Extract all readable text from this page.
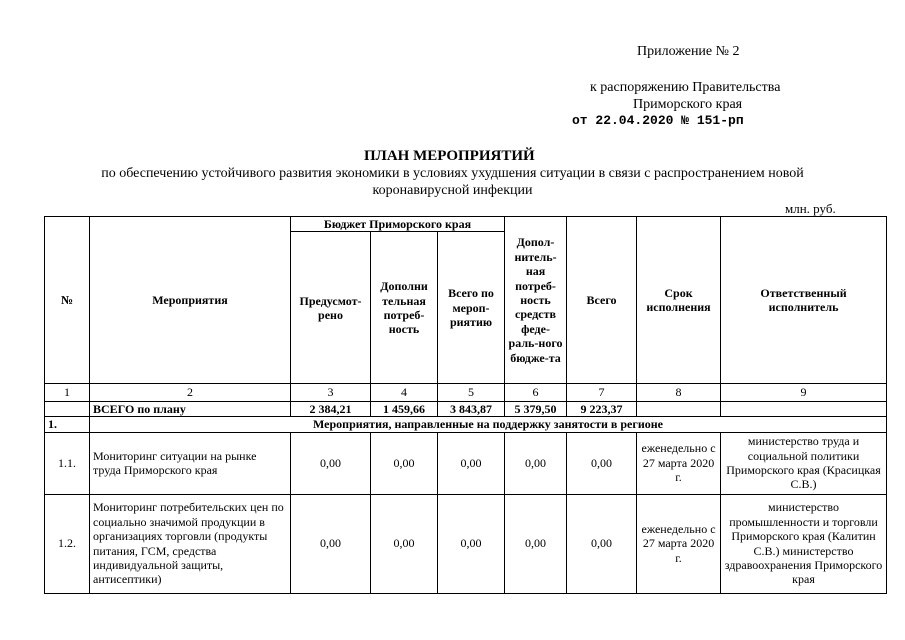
Приложение № 2
к распоряжению Правительства
Приморского края
от 22.04.2020 № 151-рп
ПЛАН МЕРОПРИЯТИЙ
по обеспечению устойчивого развития экономики в условиях ухудшения ситуации в связи с распространением новой
коронавирусной инфекции
млн. руб.
№	Мероприятия	Бюджет Приморского края			Допол-нитель-ная потреб-ность средств феде-раль-ного бюдже-та	Всего	Срок исполнения	Ответственный исполнитель
		Предусмот-рено	Дополни тельная потреб-ность	Всего по мероп-риятию				
1	2	3	4	5	6	7	8	9
	ВСЕГО по плану	2 384,21	1 459,66	3 843,87	5 379,50	9 223,37		
1.	Мероприятия, направленные на поддержку занятости в регионе							
1.1.	Мониторинг ситуации на рынке труда Приморского края	0,00	0,00	0,00	0,00	0,00	еженедельно с 27 марта 2020 г.	министерство труда и социальной политики Приморского края (Красицкая С.В.)
1.2.	Мониторинг потребительских цен по социально значимой продукции в организациях торговли (продукты питания, ГСМ, средства индивидуальной защиты, антисептики)	0,00	0,00	0,00	0,00	0,00	еженедельно с 27 марта 2020 г.	министерство промышленности и торговли Приморского края (Калитин С.В.) министерство здравоохранения Приморского края
